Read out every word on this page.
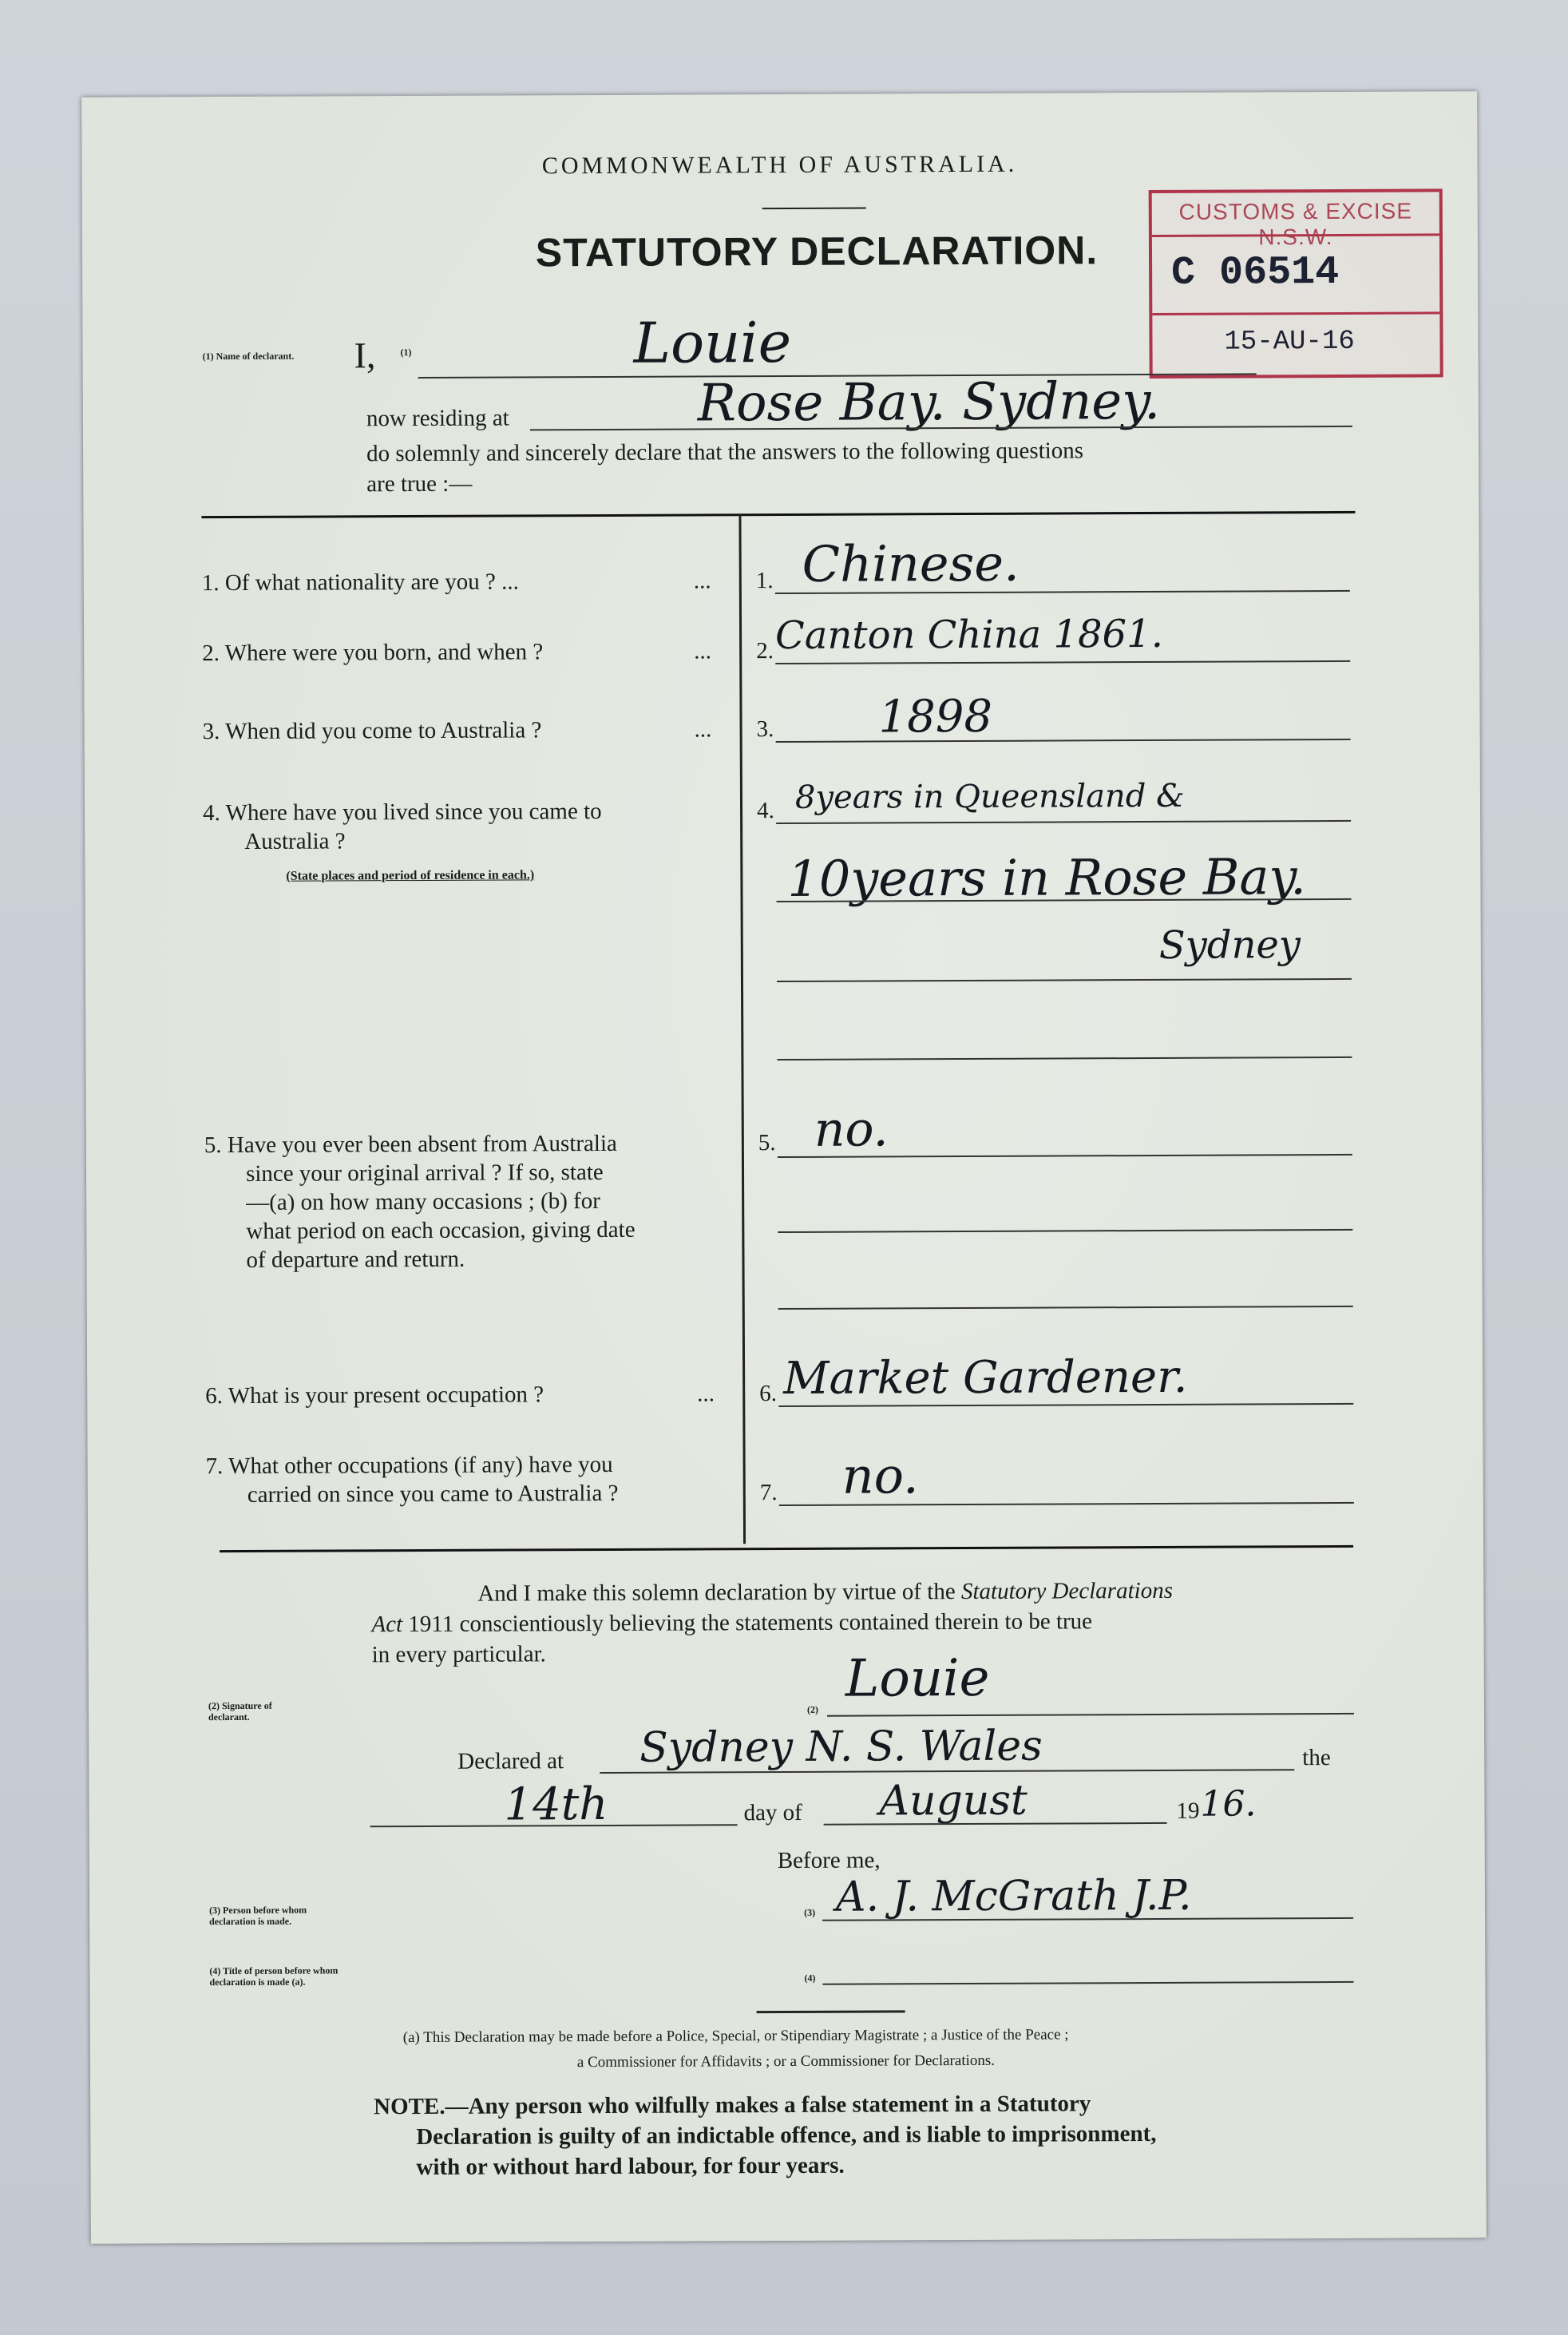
COMMONWEALTH OF AUSTRALIA.
STATUTORY DECLARATION.
CUSTOMS & EXCISE N.S.W.
C 06514
15-AU-16
(1) Name of declarant.	I,	(1)	Louie
now residing at	Rose Bay. Sydney.
do solemnly and sincerely declare that the answers to the following questions
are true :—
1. Of what nationality are you ? ...	... 1. Chinese.
2. Where were you born, and when ?	... 2. Canton China 1861.
3. When did you come to Australia ?	... 3. 1898
4. Where have you lived since you came to
Australia ?
(State places and period of residence in each.)
4. 8years in Queensland &
10years in Rose Bay.
Sydney
5. Have you ever been absent from Australia
since your original arrival ? If so, state
—(a) on how many occasions ; (b) for
what period on each occasion, giving date
of departure and return.
5. no.
6. What is your present occupation ?	... 6. Market Gardener.
7. What other occupations (if any) have you
carried on since you came to Australia ?	7. no.
And I make this solemn declaration by virtue of the Statutory Declarations
Act 1911 conscientiously believing the statements contained therein to be true
in every particular.
(2) Signature of declarant.
(2)
Louie
Declared at Sydney N. S. Wales	the
14th	day of August	19 16.
Before me,
(3) Person before whom declaration is made.
(3) A. J. McGrath J.P.
(4) Title of person before whom declaration is made (a).	(4)
(a) This Declaration may be made before a Police, Special, or Stipendiary Magistrate ; a Justice of the Peace ;
a Commissioner for Affidavits ; or a Commissioner for Declarations.
NOTE.—Any person who wilfully makes a false statement in a Statutory
Declaration is guilty of an indictable offence, and is liable to imprisonment,
with or without hard labour, for four years.
